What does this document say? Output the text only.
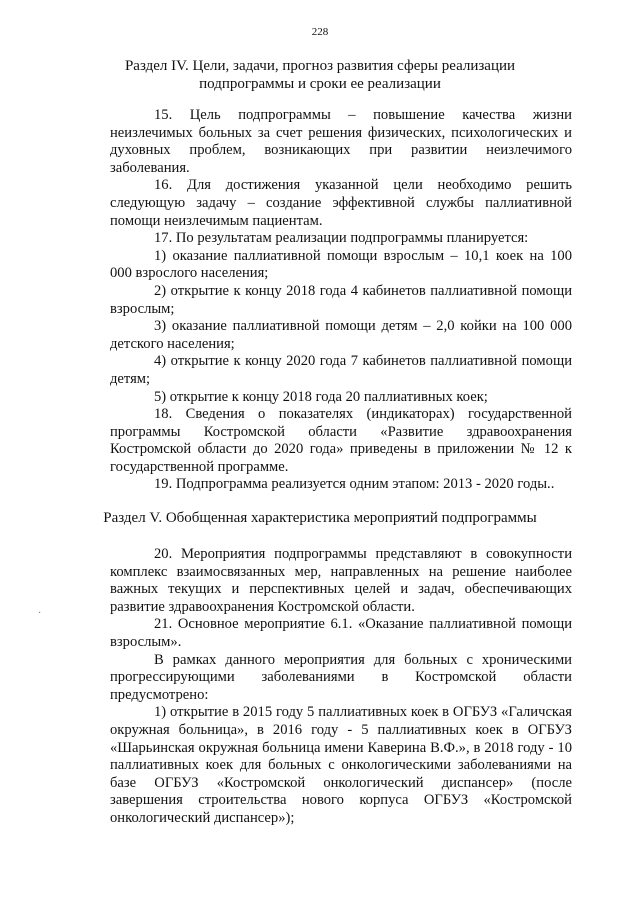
228
Раздел IV. Цели, задачи, прогноз развития сферы реализации
подпрограммы и сроки ее реализации

15. Цель подпрограммы – повышение качества жизни неизлечимых больных за счет решения физических, психологических и духовных проблем, возникающих при развитии неизлечимого заболевания.

16. Для достижения указанной цели необходимо решить следующую задачу – создание эффективной службы паллиативной помощи неизлечимым пациентам.

17. По результатам реализации подпрограммы планируется:

1) оказание паллиативной помощи взрослым – 10,1 коек на 100 000 взрослого населения;

2) открытие к концу 2018 года 4 кабинетов паллиативной помощи взрослым;

3) оказание паллиативной помощи детям – 2,0 койки на 100 000 детского населения;

4) открытие к концу 2020 года 7 кабинетов паллиативной помощи детям;

5) открытие к концу 2018 года 20 паллиативных коек;

18. Сведения о показателях (индикаторах) государственной программы Костромской области «Развитие здравоохранения Костромской области до 2020 года» приведены в приложении № 12 к государственной программе.

19. Подпрограмма реализуется одним этапом: 2013 - 2020 годы..

Раздел V. Обобщенная характеристика мероприятий подпрограммы
·

20. Мероприятия подпрограммы представляют в совокупности комплекс взаимосвязанных мер, направленных на решение наиболее важных текущих и перспективных целей и задач, обеспечивающих развитие здравоохранения Костромской области.

21. Основное мероприятие 6.1. «Оказание паллиативной помощи взрослым».

В рамках данного мероприятия для больных с хроническими прогрессирующими заболеваниями в Костромской области предусмотрено:

1) открытие в 2015 году 5 паллиативных коек в ОГБУЗ «Галичская окружная больница», в 2016 году - 5 паллиативных коек в ОГБУЗ «Шарьинская окружная больница имени Каверина В.Ф.», в 2018 году - 10 паллиативных коек для больных с онкологическими заболеваниями на базе ОГБУЗ «Костромской онкологический диспансер» (после завершения строительства нового корпуса ОГБУЗ «Костромской онкологический диспансер»);
